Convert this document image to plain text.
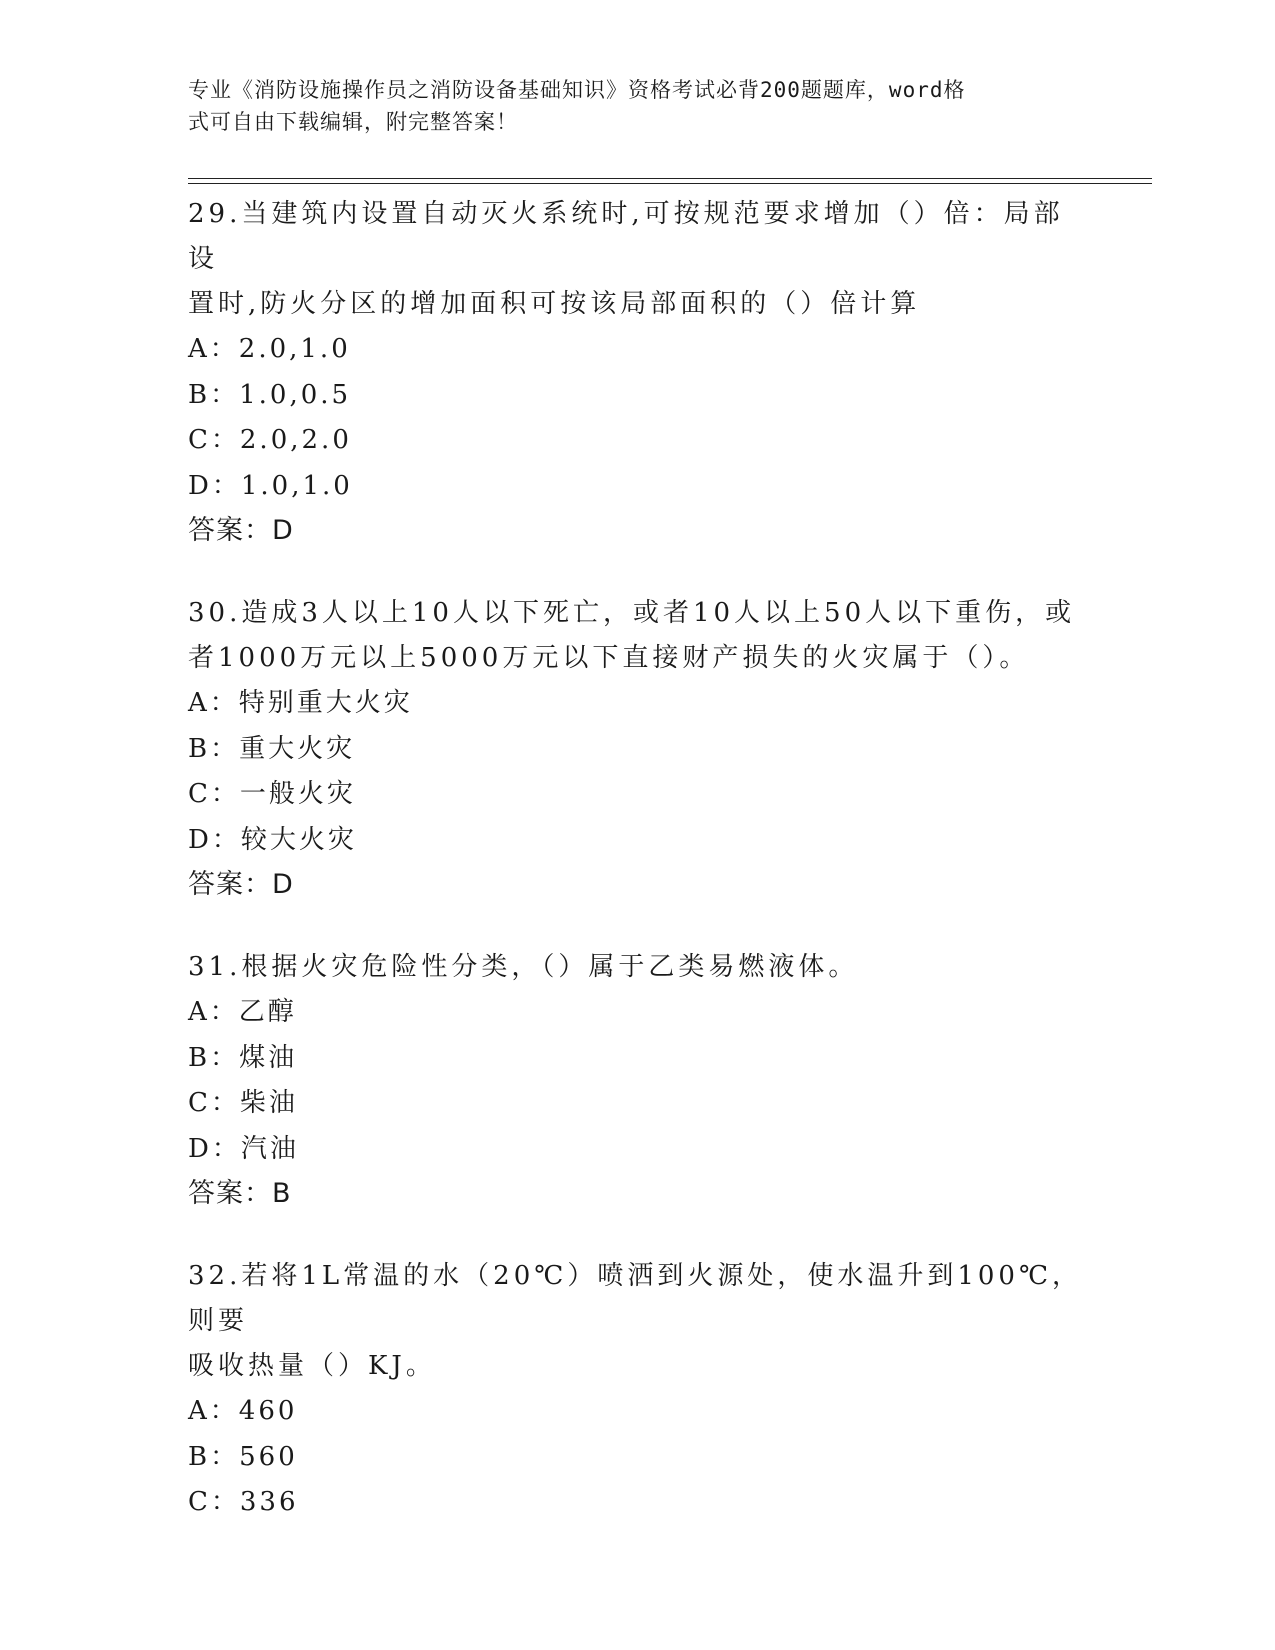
专业《消防设施操作员之消防设备基础知识》资格考试必背200题题库，word格
式可自由下载编辑，附完整答案！
29.当建筑内设置自动灭火系统时,可按规范要求增加（）倍：局部设
置时,防火分区的增加面积可按该局部面积的（）倍计算
A：2.0,1.0
B：1.0,0.5
C：2.0,2.0
D：1.0,1.0
答案：D
30.造成3人以上10人以下死亡，或者10人以上50人以下重伤，或
者1000万元以上5000万元以下直接财产损失的火灾属于（）。
A：特别重大火灾
B：重大火灾
C：一般火灾
D：较大火灾
答案：D
31.根据火灾危险性分类，（）属于乙类易燃液体。
A：乙醇
B：煤油
C：柴油
D：汽油
答案：B
32.若将1L常温的水（20℃）喷洒到火源处，使水温升到100℃，则要
吸收热量（）KJ。
A：460
B：560
C：336
